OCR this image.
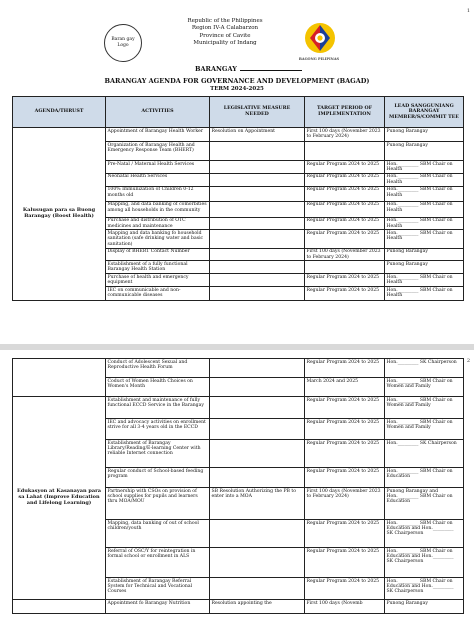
1
Baran gay Logo
Republic of the Philippines
Region IV-A Calabarzon
Province of Cavite
Municipality of Indang
BAGONG PILIPINAS
BARANGAY
BARANGAY AGENDA FOR GOVERNANCE AND DEVELOPMENT (BAGAD)
TERM 2024-2025
AGENDA/THRUST	ACTIVITIES	LEGISLATIVE MEASURE NEEDED	TARGET PERIOD OF IMPLEMENTATION	LEAD SANGGUNIANG BARANGAY MEMBER/S/COMMIT TEE
Kalusugan para sa Buong Barangay (Boost Health)	Appointment of Barangay Health Worker	Resolution on Appointment	First 100 days (November 2023 to February 2024)	Punong Barangay
	Organization of Barangay Health and Emergency Response Team (BHERT)			Punong Barangay
	Pre-Natal / Maternal Health Services		Regular Program 2024 to 2025	Hon._________ SBM Chair on Health
	Neonatal Health Services		Regular Program 2024 to 2025	Hon._________ SBM Chair on Health
	100% Immunization of Children 0-12 months old		Regular Program 2024 to 2025	Hon._________ SBM Chair on Health
	Mapping, and data banking of comorbities among all households in the community		Regular Program 2024 to 2025	Hon._________ SBM Chair on Health
	Purchase and distribution of OTC medicines and maintenance		Regular Program 2024 to 2025	Hon._________ SBM Chair on Health
	Mapping and data banking fo household sanitation (safe drinking water and basic sanitation)		Regular Program 2024 to 2025	Hon._________ SBM Chair on Health
	Display of BHERT Contact Number		First 100 days (November 2023 to February 2024)	Punong Barangay
	Establishment of a fully functional Barangay Health Station			Punong Barangay
	Purchase of health and emergency equipment		Regular Program 2024 to 2025	Hon._________ SBM Chair on Health
	IEC on communicable and non-communicable diseases		Regular Program 2024 to 2025	Hon._________ SBM Chair on Health
2
	Conduct of Adolescent Sexual and Reproductive Health Forum		Regular Program 2024 to 2025	Hon._________ SK Chairperson
	Coduct of Women Health Choices on Women's Month		March 2024 and 2025	Hon._________ SBM Chair on Women and Family
Edukasyon at Kasanayan para sa Lahat (Improve Education and Lifelong Learning)	Establishment and maintenance of fully functional ECCD Service in the Barangay		Regular Program 2024 to 2025	Hon._________ SBM Chair on Women and Family
	IEC and advocacy activities on enrollment strive for all 3-4 years old in the ECCD		Regular Program 2024 to 2025	Hon._________ SBM Chair on Women and Family
	Establishment of Barangay Library/Reading/E-learning Center with reliable Internet connection		Regular Program 2024 to 2025	Hon._________ SK Chairperson
	Regular conduct of School-based feeding program		Regular Program 2024 to 2025	Hon._________ SBM Chair on Education
	Partnership with CSOs on provision of school supplies for pupils and learners thru MOA/MOU	SB Resolution Authorizing the PB to enter into a MOA	First 100 days (November 2023 to February 2024)	Punong Barangay and Hon._________ SBM Chair on Education
	Mapping, data banking of out of school children/youth		Regular Program 2024 to 2025	Hon._________ SBM Chair on Education and Hon._________ SK Chairperson
	Referral of OSC/Y for reintegration in formal school or enrollment in ALS		Regular Program 2024 to 2025	Hon._________ SBM Chair on Education and Hon._________ SK Chairperson
	Establishment of Barangay Referral System for Technical and Vocational Courses		Regular Program 2024 to 2025	Hon._________ SBM Chair on Education and Hon._________ SK Chairperson
	Appointment fo Barangay Nutrition	Resolution appointing the	First 100 days (Novemb	Punong Barangay
